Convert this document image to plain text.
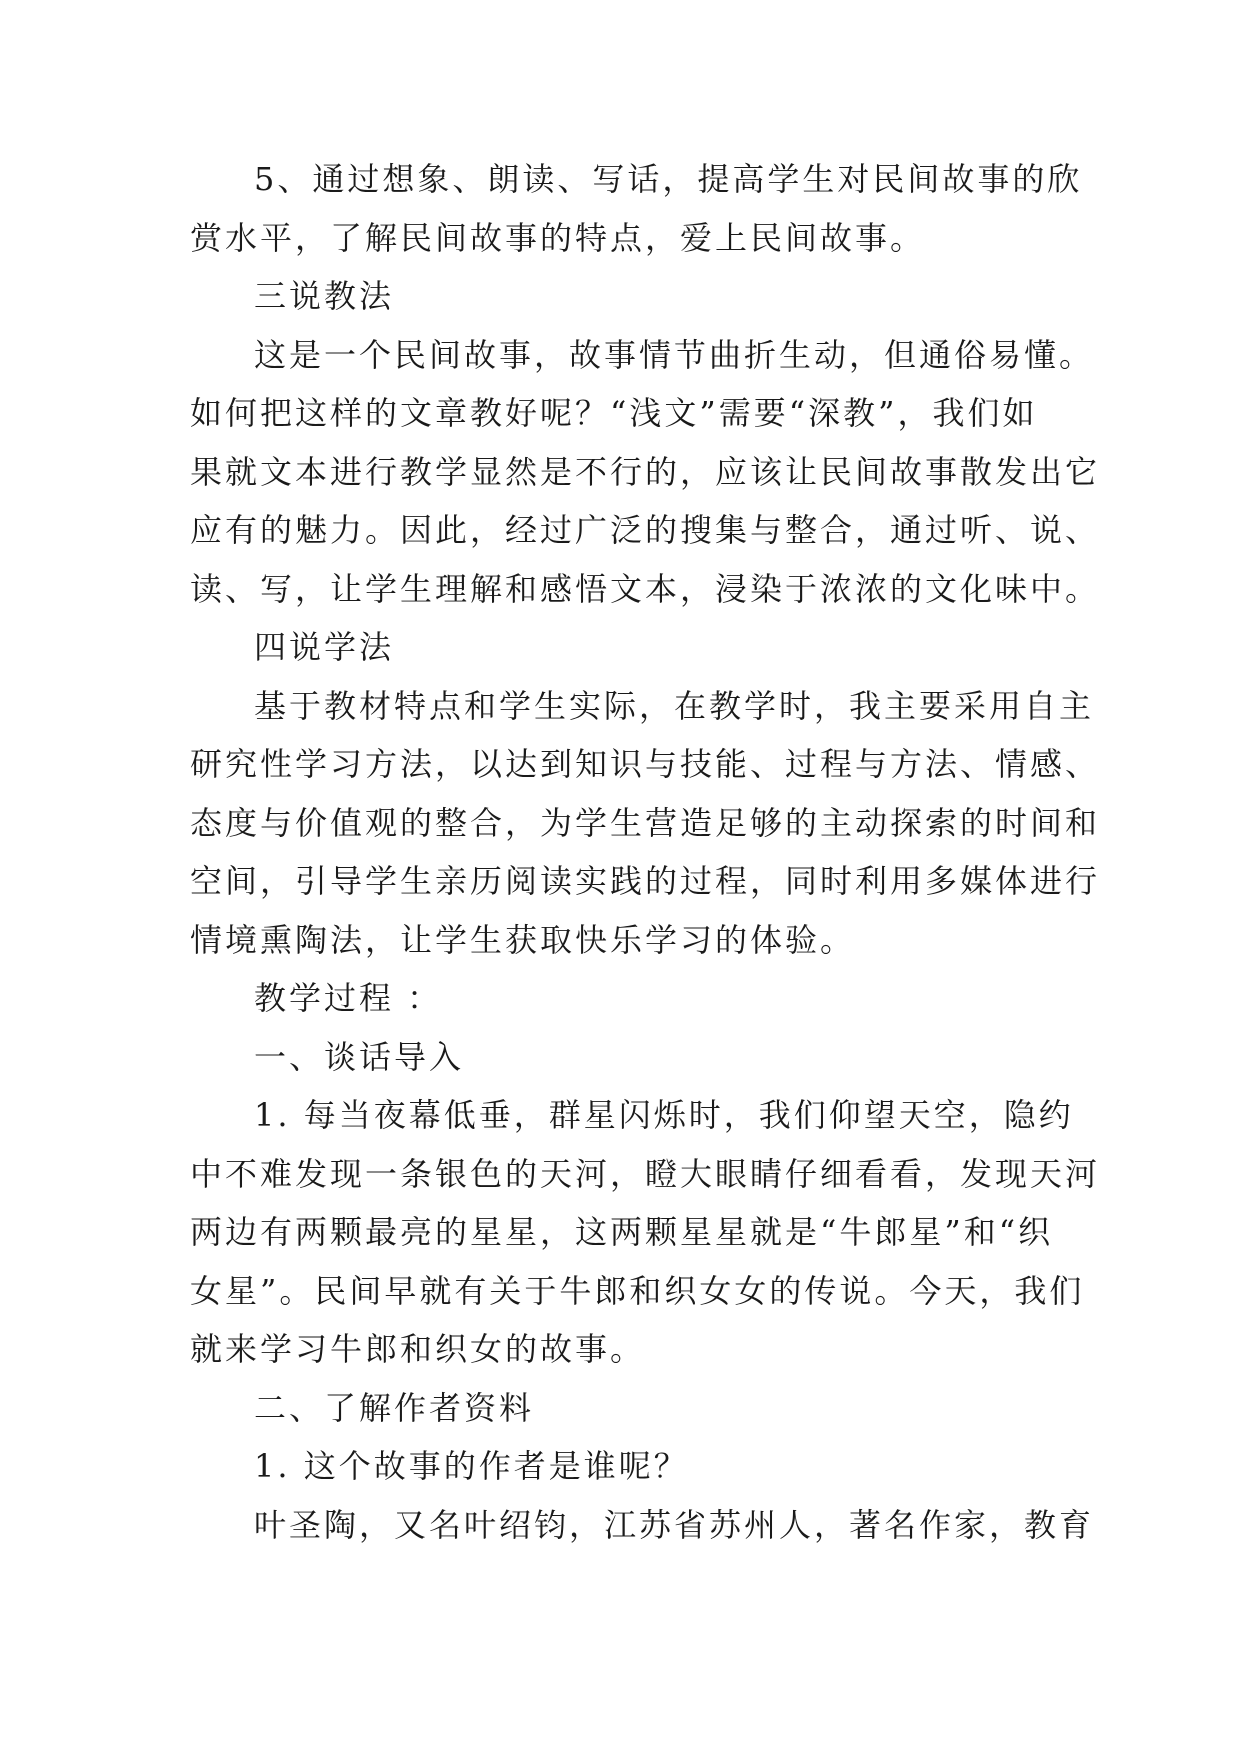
5、通过想象、朗读、写话，提高学生对民间故事的欣

赏水平，了解民间故事的特点，爱上民间故事。

三说教法

这是一个民间故事，故事情节曲折生动，但通俗易懂。

如何把这样的文章教好呢？“浅文”需要“深教”，我们如

果就文本进行教学显然是不行的，应该让民间故事散发出它

应有的魅力。因此，经过广泛的搜集与整合，通过听、说、

读、写，让学生理解和感悟文本，浸染于浓浓的文化味中。

四说学法

基于教材特点和学生实际，在教学时，我主要采用自主

研究性学习方法，以达到知识与技能、过程与方法、情感、

态度与价值观的整合，为学生营造足够的主动探索的时间和

空间，引导学生亲历阅读实践的过程，同时利用多媒体进行

情境熏陶法，让学生获取快乐学习的体验。

教学过程 ：

一、谈话导入

1. 每当夜幕低垂，群星闪烁时，我们仰望天空，隐约

中不难发现一条银色的天河，瞪大眼睛仔细看看，发现天河

两边有两颗最亮的星星，这两颗星星就是“牛郎星”和“织

女星”。民间早就有关于牛郎和织女女的传说。今天，我们

就来学习牛郎和织女的故事。

二、了解作者资料

1. 这个故事的作者是谁呢？

叶圣陶，又名叶绍钧，江苏省苏州人，著名作家，教育
